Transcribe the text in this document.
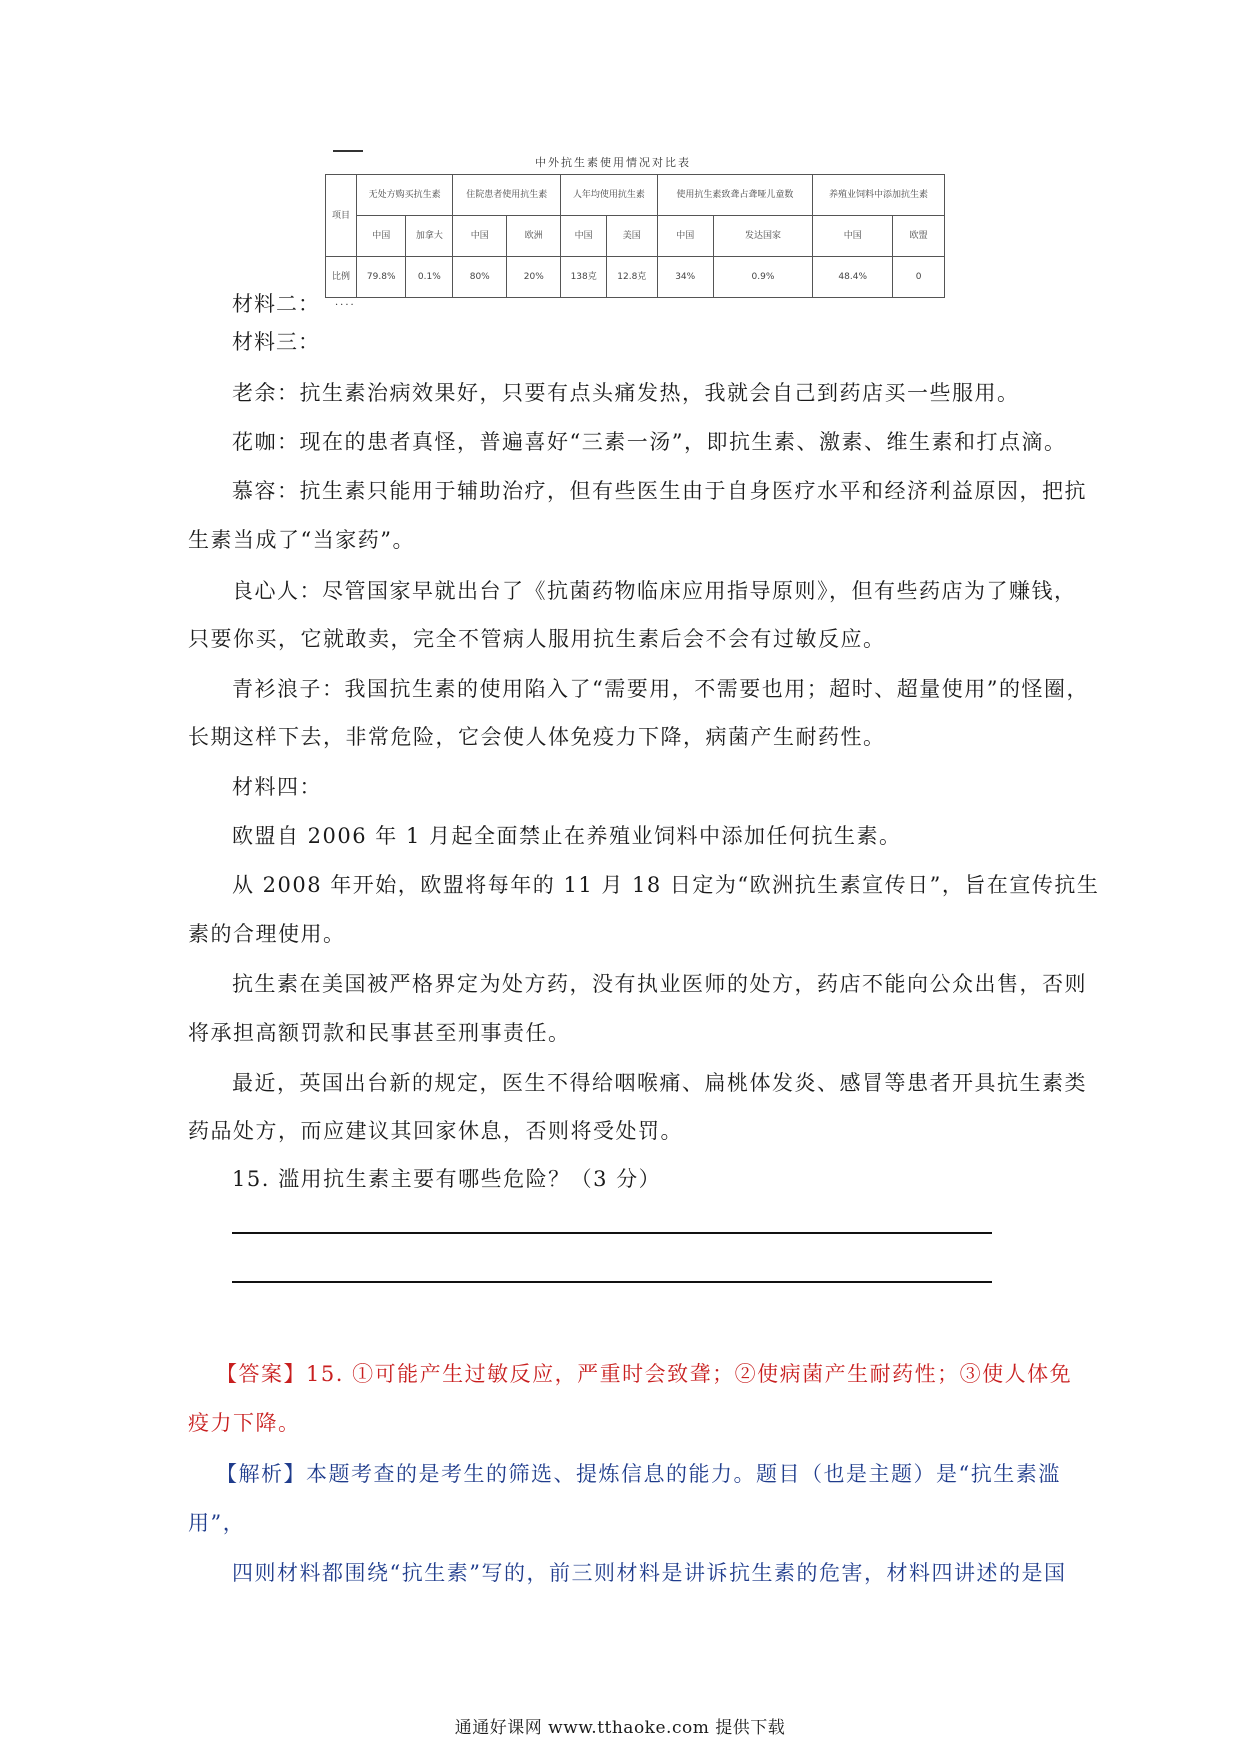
中外抗生素使用情况对比表
项目	无处方购买抗生素		住院患者使用抗生素		人年均使用抗生素		使用抗生素致聋占聋哑儿童数		养殖业饲料中添加抗生素	
	中国	加拿大	中国	欧洲	中国	美国	中国	发达国家	中国	欧盟
比例	79.8%	0.1%	80%	20%	138克	12.8克	34%	0.9%	48.4%	0
····
材料二：
材料三：
老余：抗生素治病效果好，只要有点头痛发热，我就会自己到药店买一些服用。
花咖：现在的患者真怪，普遍喜好“三素一汤”，即抗生素、激素、维生素和打点滴。
慕容：抗生素只能用于辅助治疗，但有些医生由于自身医疗水平和经济利益原因，把抗
生素当成了“当家药”。
良心人：尽管国家早就出台了《抗菌药物临床应用指导原则》，但有些药店为了赚钱，
只要你买，它就敢卖，完全不管病人服用抗生素后会不会有过敏反应。
青衫浪子：我国抗生素的使用陷入了“需要用，不需要也用；超时、超量使用”的怪圈，
长期这样下去，非常危险，它会使人体免疫力下降，病菌产生耐药性。
材料四：
欧盟自 2006 年 1 月起全面禁止在养殖业饲料中添加任何抗生素。
从 2008 年开始，欧盟将每年的 11 月 18 日定为“欧洲抗生素宣传日”，旨在宣传抗生
素的合理使用。
抗生素在美国被严格界定为处方药，没有执业医师的处方，药店不能向公众出售，否则
将承担高额罚款和民事甚至刑事责任。
最近，英国出台新的规定，医生不得给咽喉痛、扁桃体发炎、感冒等患者开具抗生素类
药品处方，而应建议其回家休息，否则将受处罚。
15. 滥用抗生素主要有哪些危险？（3 分）
【答案】15. ①可能产生过敏反应，严重时会致聋；②使病菌产生耐药性；③使人体免
疫力下降。
【解析】本题考查的是考生的筛选、提炼信息的能力。题目（也是主题）是“抗生素滥
用”，
四则材料都围绕“抗生素”写的，前三则材料是讲诉抗生素的危害，材料四讲述的是国
通通好课网 www.tthaoke.com 提供下载
